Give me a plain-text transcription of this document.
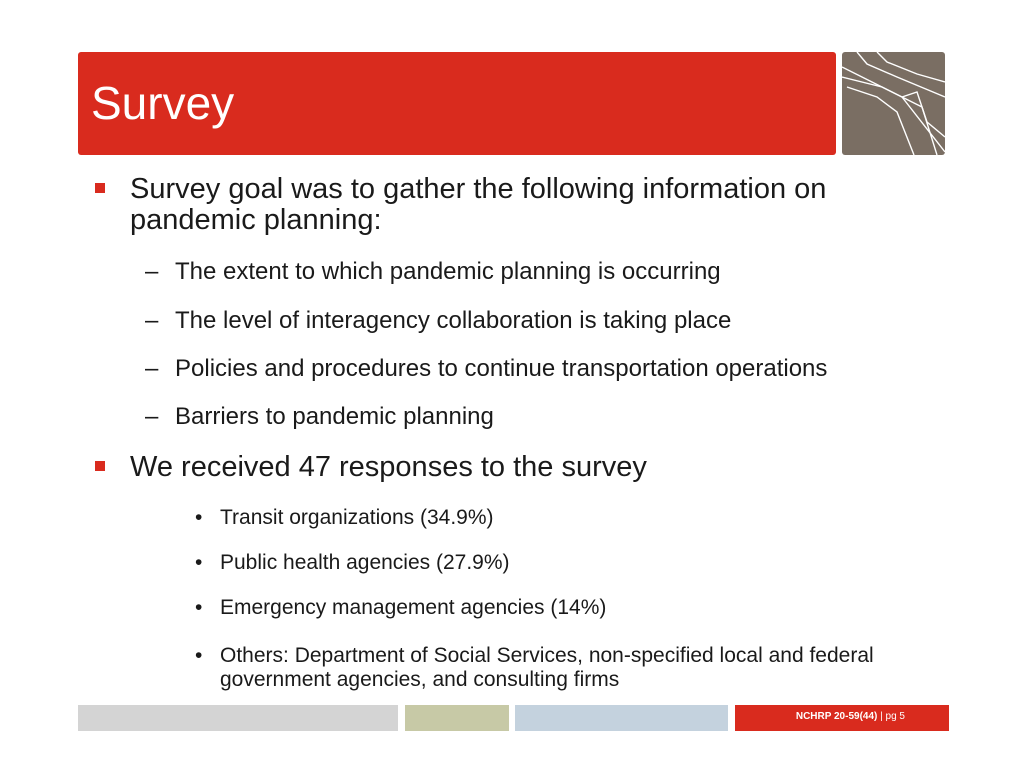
Survey
Survey goal was to gather the following information on pandemic planning:
– The extent to which pandemic planning is occurring
– The level of interagency collaboration is taking place
– Policies and procedures to continue transportation operations
– Barriers to pandemic planning
We received 47 responses to the survey
• Transit organizations (34.9%)
• Public health agencies (27.9%)
• Emergency management agencies (14%)
• Others: Department of Social Services, non-specified local and federal government agencies, and consulting firms
NCHRP 20-59(44) | pg 5
